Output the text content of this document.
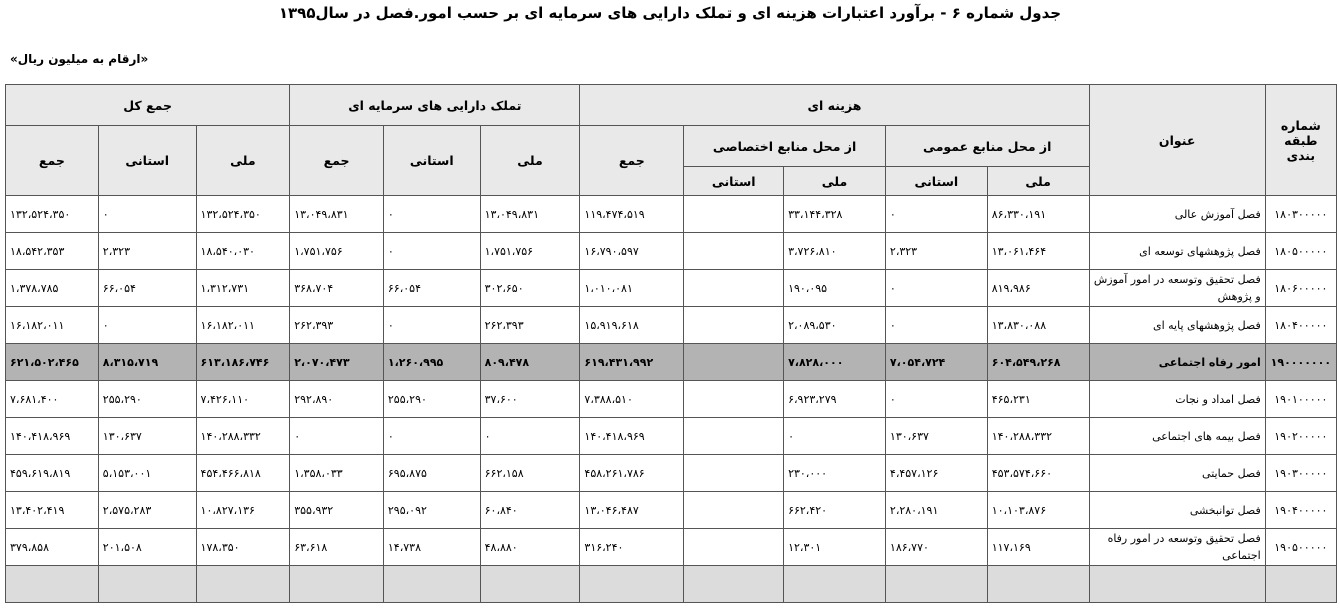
جدول شماره ۶ - برآورد اعتبارات هزینه ای و تملک دارایی های سرمایه ای بر حسب امور.فصل در سال۱۳۹۵
«ارقام به میلیون ریال»
شماره طبقه بندی	عنوان	هزینه ای					تملک دارایی های سرمایه ای			جمع کل		
		از محل منابع عمومی		از محل منابع اختصاصی		جمع	ملی	استانی	جمع	ملی	استانی	جمع
		ملی	استانی	ملی	استانی							
۱۸۰۳۰۰۰۰۰	فصل آموزش عالی	۸۶،۳۳۰،۱۹۱	۰	۳۳،۱۴۴،۳۲۸		۱۱۹،۴۷۴،۵۱۹	۱۳،۰۴۹،۸۳۱	۰	۱۳،۰۴۹،۸۳۱	۱۳۲،۵۲۴،۳۵۰	۰	۱۳۲،۵۲۴،۳۵۰
۱۸۰۵۰۰۰۰۰	فصل پژوهشهای توسعه ای	۱۳،۰۶۱،۴۶۴	۲،۳۲۳	۳،۷۲۶،۸۱۰		۱۶،۷۹۰،۵۹۷	۱،۷۵۱،۷۵۶	۰	۱،۷۵۱،۷۵۶	۱۸،۵۴۰،۰۳۰	۲،۳۲۳	۱۸،۵۴۲،۳۵۳
۱۸۰۶۰۰۰۰۰	فصل تحقیق وتوسعه در امور آموزش و پژوهش	۸۱۹،۹۸۶	۰	۱۹۰،۰۹۵		۱،۰۱۰،۰۸۱	۳۰۲،۶۵۰	۶۶،۰۵۴	۳۶۸،۷۰۴	۱،۳۱۲،۷۳۱	۶۶،۰۵۴	۱،۳۷۸،۷۸۵
۱۸۰۴۰۰۰۰۰	فصل پژوهشهای پایه ای	۱۳،۸۳۰،۰۸۸	۰	۲،۰۸۹،۵۳۰		۱۵،۹۱۹،۶۱۸	۲۶۲،۳۹۳	۰	۲۶۲،۳۹۳	۱۶،۱۸۲،۰۱۱	۰	۱۶،۱۸۲،۰۱۱
۱۹۰۰۰۰۰۰۰	امور رفاه اجتماعی	۶۰۴،۵۴۹،۲۶۸	۷،۰۵۴،۷۲۴	۷،۸۲۸،۰۰۰		۶۱۹،۴۳۱،۹۹۲	۸۰۹،۴۷۸	۱،۲۶۰،۹۹۵	۲،۰۷۰،۴۷۳	۶۱۳،۱۸۶،۷۴۶	۸،۳۱۵،۷۱۹	۶۲۱،۵۰۲،۴۶۵
۱۹۰۱۰۰۰۰۰	فصل امداد و نجات	۴۶۵،۲۳۱	۰	۶،۹۲۳،۲۷۹		۷،۳۸۸،۵۱۰	۳۷،۶۰۰	۲۵۵،۲۹۰	۲۹۲،۸۹۰	۷،۴۲۶،۱۱۰	۲۵۵،۲۹۰	۷،۶۸۱،۴۰۰
۱۹۰۲۰۰۰۰۰	فصل بیمه های اجتماعی	۱۴۰،۲۸۸،۳۳۲	۱۳۰،۶۳۷	۰		۱۴۰،۴۱۸،۹۶۹	۰	۰	۰	۱۴۰،۲۸۸،۳۳۲	۱۳۰،۶۳۷	۱۴۰،۴۱۸،۹۶۹
۱۹۰۳۰۰۰۰۰	فصل حمایتی	۴۵۳،۵۷۴،۶۶۰	۴،۴۵۷،۱۲۶	۲۳۰،۰۰۰		۴۵۸،۲۶۱،۷۸۶	۶۶۲،۱۵۸	۶۹۵،۸۷۵	۱،۳۵۸،۰۳۳	۴۵۴،۴۶۶،۸۱۸	۵،۱۵۳،۰۰۱	۴۵۹،۶۱۹،۸۱۹
۱۹۰۴۰۰۰۰۰	فصل توانبخشی	۱۰،۱۰۳،۸۷۶	۲،۲۸۰،۱۹۱	۶۶۲،۴۲۰		۱۳،۰۴۶،۴۸۷	۶۰،۸۴۰	۲۹۵،۰۹۲	۳۵۵،۹۳۲	۱۰،۸۲۷،۱۳۶	۲،۵۷۵،۲۸۳	۱۳،۴۰۲،۴۱۹
۱۹۰۵۰۰۰۰۰	فصل تحقیق وتوسعه در امور رفاه اجتماعی	۱۱۷،۱۶۹	۱۸۶،۷۷۰	۱۲،۳۰۱		۳۱۶،۲۴۰	۴۸،۸۸۰	۱۴،۷۳۸	۶۳،۶۱۸	۱۷۸،۳۵۰	۲۰۱،۵۰۸	۳۷۹،۸۵۸
